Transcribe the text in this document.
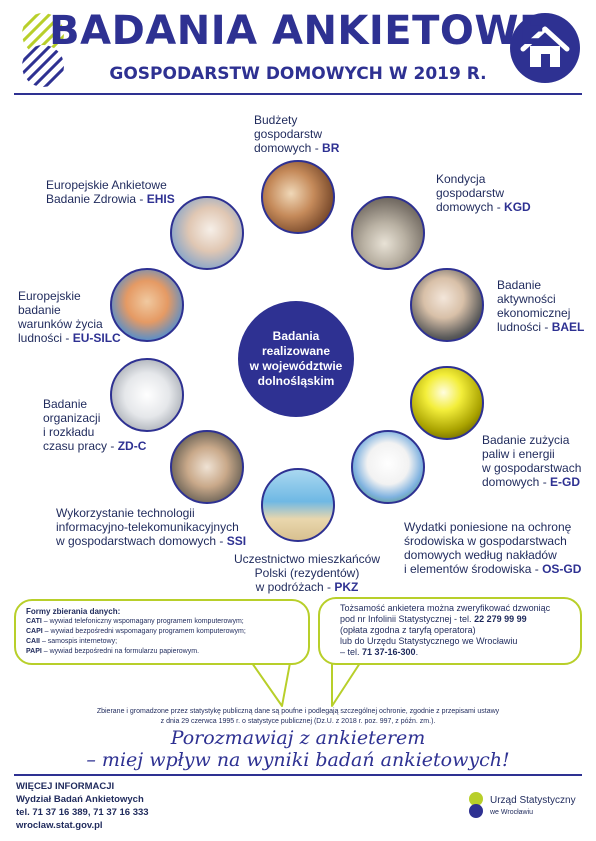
BADANIA ANKIETOWE
GOSPODARSTW DOMOWYCH W 2019 R.
Badania
realizowane
w województwie
dolnośląskim
Budżety
gospodarstw
domowych - BR
Kondycja
gospodarstw
domowych - KGD
Europejskie Ankietowe
Badanie Zdrowia - EHIS
Badanie
aktywności
ekonomicznej
ludności - BAEL
Europejskie
badanie
warunków życia
ludności - EU-SILC
Badanie
organizacji
i rozkładu
czasu pracy - ZD-C	Badanie zużycia
paliw i energii
w gospodarstwach
domowych - E-GD
Wykorzystanie technologii
informacyjno-telekomunikacyjnych
w gospodarstwach domowych - SSI
Wydatki poniesione na ochronę
środowiska w gospodarstwach
domowych według nakładów
i elementów środowiska - OS-GD
Uczestnictwo mieszkańców
Polski (rezydentów)
w podróżach - PKZ
Formy zbierania danych:
CATI – wywiad telefoniczny wspomagany programem komputerowym;
CAPI – wywiad bezpośredni wspomagany programem komputerowym;
CAII – samospis internetowy;
PAPI – wywiad bezpośredni na formularzu papierowym.
Tożsamość ankietera można zweryfikować dzwoniąc
pod nr Infolinii Statystycznej - tel. 22 279 99 99
(opłata zgodna z taryfą operatora)
lub do Urzędu Statystycznego we Wrocławiu
– tel. 71 37-16-300.
Zbierane i gromadzone przez statystykę publiczną dane są poufne i podlegają szczególnej ochronie, zgodnie z przepisami ustawy
z dnia 29 czerwca 1995 r. o statystyce publicznej (Dz.U. z 2018 r. poz. 997, z późn. zm.).
Porozmawiaj z ankieterem
– miej wpływ na wyniki badań ankietowych!
WIĘCEJ INFORMACJI
Wydział Badań Ankietowych
tel. 71 37 16 389, 71 37 16 333
wroclaw.stat.gov.pl
Urząd Statystyczny
we Wrocławiu
